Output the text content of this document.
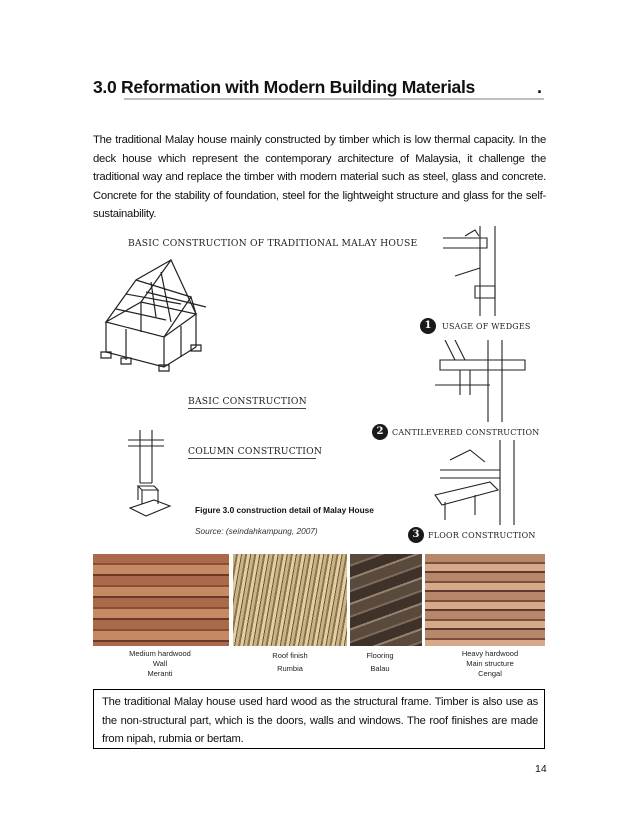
3.0 Reformation with Modern Building Materials	.
The traditional Malay house mainly constructed by timber which is low thermal capacity. In the deck house which represent the contemporary architecture of Malaysia, it challenge the traditional way and replace the timber with modern material such as steel, glass and concrete. Concrete for the stability of foundation, steel for the lightweight structure and glass for the self-sustainability.
BASIC CONSTRUCTION OF TRADITIONAL MALAY HOUSE
BASIC CONSTRUCTION
COLUMN CONSTRUCTION
1	USAGE OF WEDGES
2	CANTILEVERED CONSTRUCTION
3	FLOOR CONSTRUCTION
Figure 3.0 construction detail of Malay House
Source: (seindahkampung, 2007)
Medium hardwood
Wall
Meranti
Roof finish
Rumbia
Flooring
Balau
Heavy hardwood
Main structure
Cengal
The traditional Malay house used hard wood as the structural frame. Timber is also use as the non-structural part, which is the doors, walls and windows. The roof finishes are made from nipah, rubmia or bertam.
14
